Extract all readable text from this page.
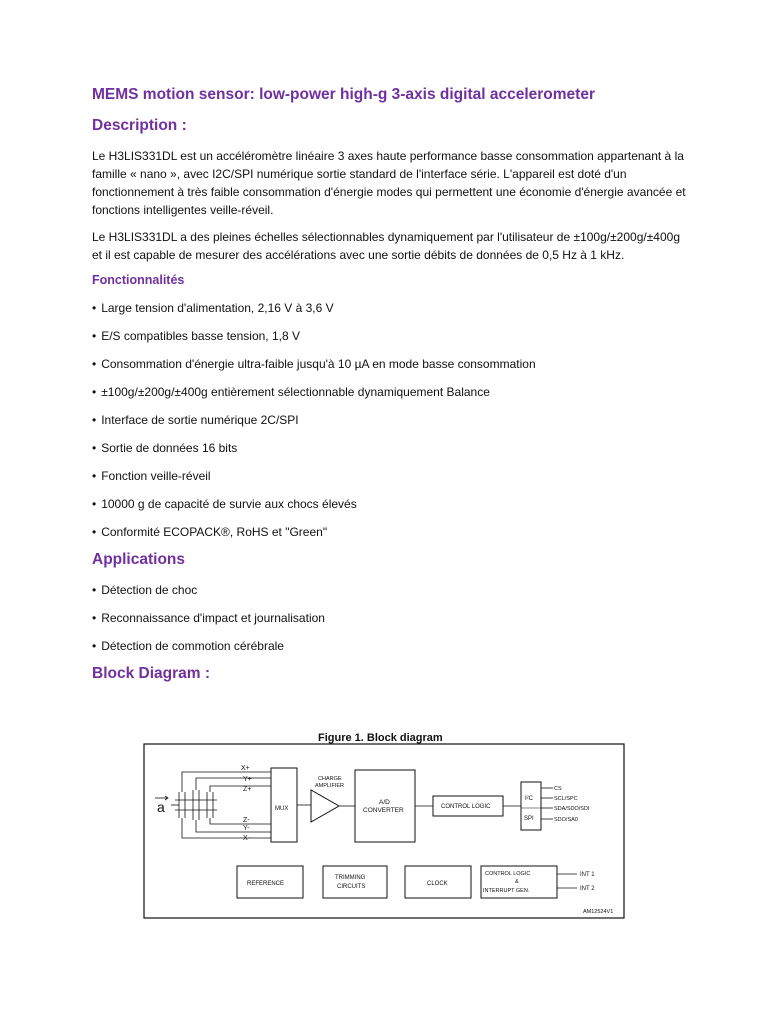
MEMS motion sensor: low-power high-g 3-axis digital accelerometer
Description :

Le H3LIS331DL est un accéléromètre linéaire 3 axes haute performance basse consommation appartenant à la famille « nano », avec I2C/SPI numérique sortie standard de l'interface série. L'appareil est doté d'un fonctionnement à très faible consommation d'énergie modes qui permettent une économie d'énergie avancée et fonctions intelligentes veille-réveil.

Le H3LIS331DL a des pleines échelles sélectionnables dynamiquement par l'utilisateur de ±100g/±200g/±400g et il est capable de mesurer des accélérations avec une sortie débits de données de 0,5 Hz à 1 kHz.

Fonctionnalités
• Large tension d'alimentation, 2,16 V à 3,6 V
• E/S compatibles basse tension, 1,8 V
• Consommation d'énergie ultra-faible jusqu'à 10 µA en mode basse consommation
• ±100g/±200g/±400g entièrement sélectionnable dynamiquement Balance
• Interface de sortie numérique 2C/SPI
• Sortie de données 16 bits
• Fonction veille-réveil
• 10000 g de capacité de survie aux chocs élevés
• Conformité ECOPACK®, RoHS et "Green"
Applications
• Détection de choc
• Reconnaissance d'impact et journalisation
• Détection de commotion cérébrale
Block Diagram :
Figure 1. Block diagram
a
X+
Y+
Z+
Z-
Y-
X-
MUX
CHARGE
AMPLIFIER
A/D
CONVERTER	CONTROL LOGIC
I²C
SPI
CS
SCL/SPC
SDA/SDO/SDI
SDO/SA0
REFERENCE
TRIMMING
CIRCUITS	CLOCK
CONTROL LOGIC
&
INTERRUPT GEN.
INT 1
INT 2
AM12524V1
